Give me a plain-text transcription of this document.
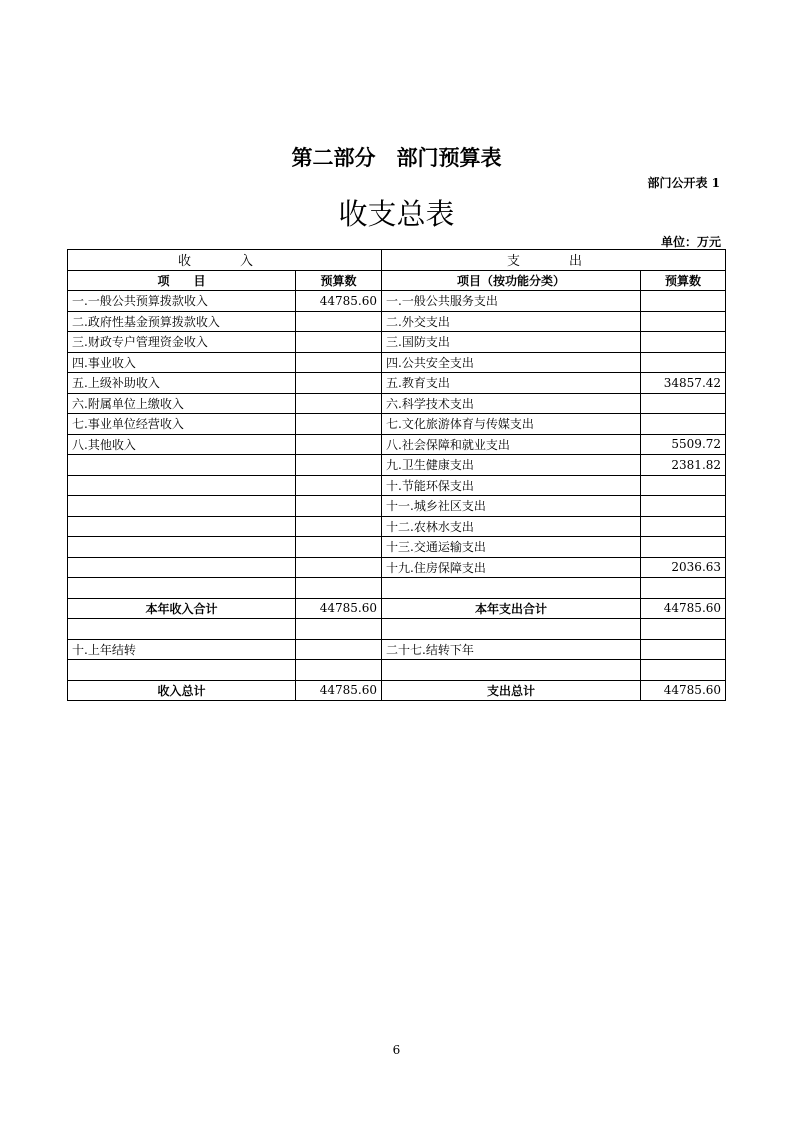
第二部分　部门预算表
部门公开表 1
收支总表
单位：万元
收　入		支　出	
项　　目	预算数	项目（按功能分类）	预算数
一.一般公共预算拨款收入	44785.60	一.一般公共服务支出	
二.政府性基金预算拨款收入		二.外交支出	
三.财政专户管理资金收入		三.国防支出	
四.事业收入		四.公共安全支出	
五.上级补助收入		五.教育支出	34857.42
六.附属单位上缴收入		六.科学技术支出	
七.事业单位经营收入		七.文化旅游体育与传媒支出	
八.其他收入		八.社会保障和就业支出	5509.72
		九.卫生健康支出	2381.82
		十.节能环保支出	
		十一.城乡社区支出	
		十二.农林水支出	
		十三.交通运输支出	
		十九.住房保障支出	2036.63

本年收入合计	44785.60	本年支出合计	44785.60

十.上年结转		二十七.结转下年	

收入总计	44785.60	支出总计	44785.60
6
